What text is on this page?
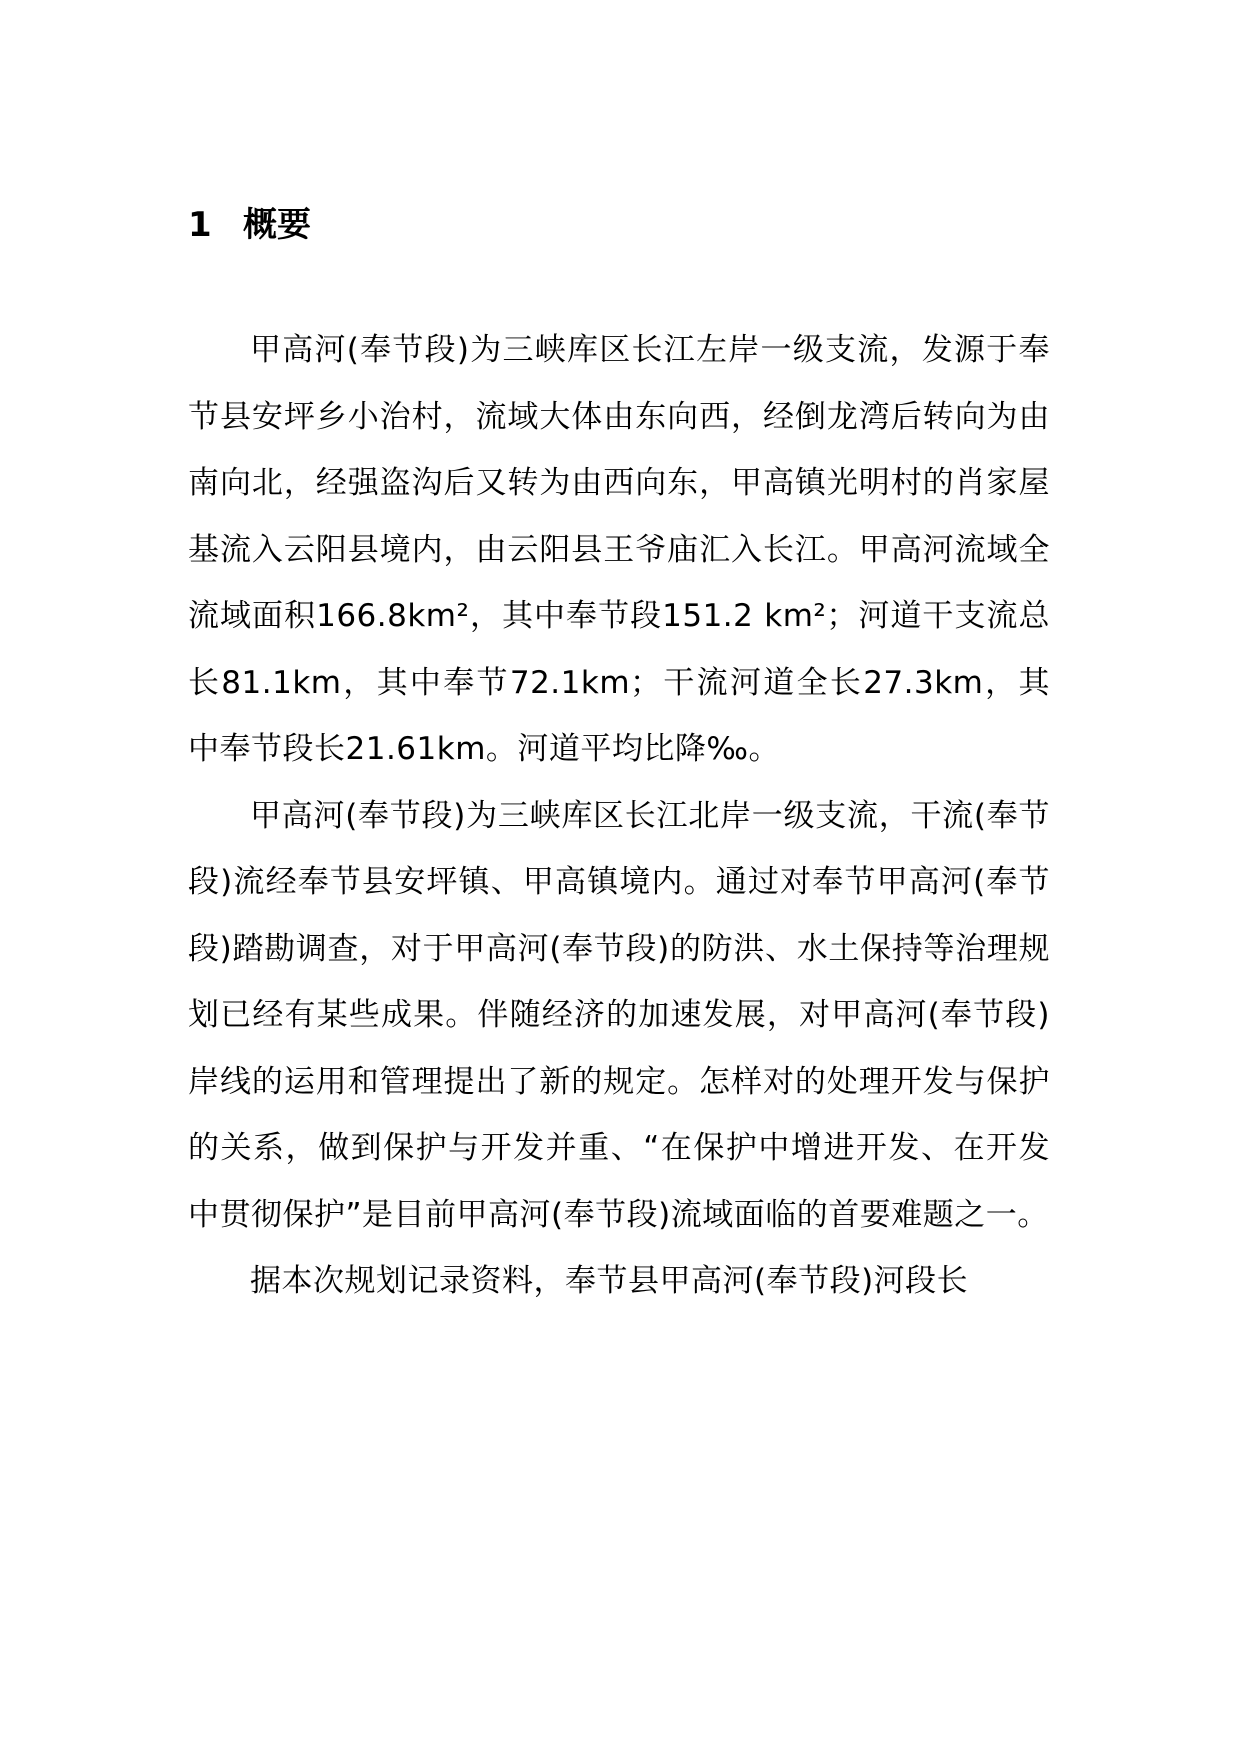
1 概要

甲高河(奉节段)为三峡库区长江左岸一级支流，发源于奉节县安坪乡小治村，流域大体由东向西，经倒龙湾后转向为由南向北，经强盗沟后又转为由西向东，甲高镇光明村的肖家屋基流入云阳县境内，由云阳县王爷庙汇入长江。甲高河流域全流域面积166.8km²，其中奉节段151.2 km²；河道干支流总长81.1km，其中奉节72.1km；干流河道全长27.3km，其中奉节段长21.61km。河道平均比降‰。

甲高河(奉节段)为三峡库区长江北岸一级支流，干流(奉节段)流经奉节县安坪镇、甲高镇境内。通过对奉节甲高河(奉节段)踏勘调查，对于甲高河(奉节段)的防洪、水土保持等治理规划已经有某些成果。伴随经济的加速发展，对甲高河(奉节段)岸线的运用和管理提出了新的规定。怎样对的处理开发与保护的关系，做到保护与开发并重、“在保护中增进开发、在开发中贯彻保护”是目前甲高河(奉节段)流域面临的首要难题之一。

据本次规划记录资料，奉节县甲高河(奉节段)河段长
